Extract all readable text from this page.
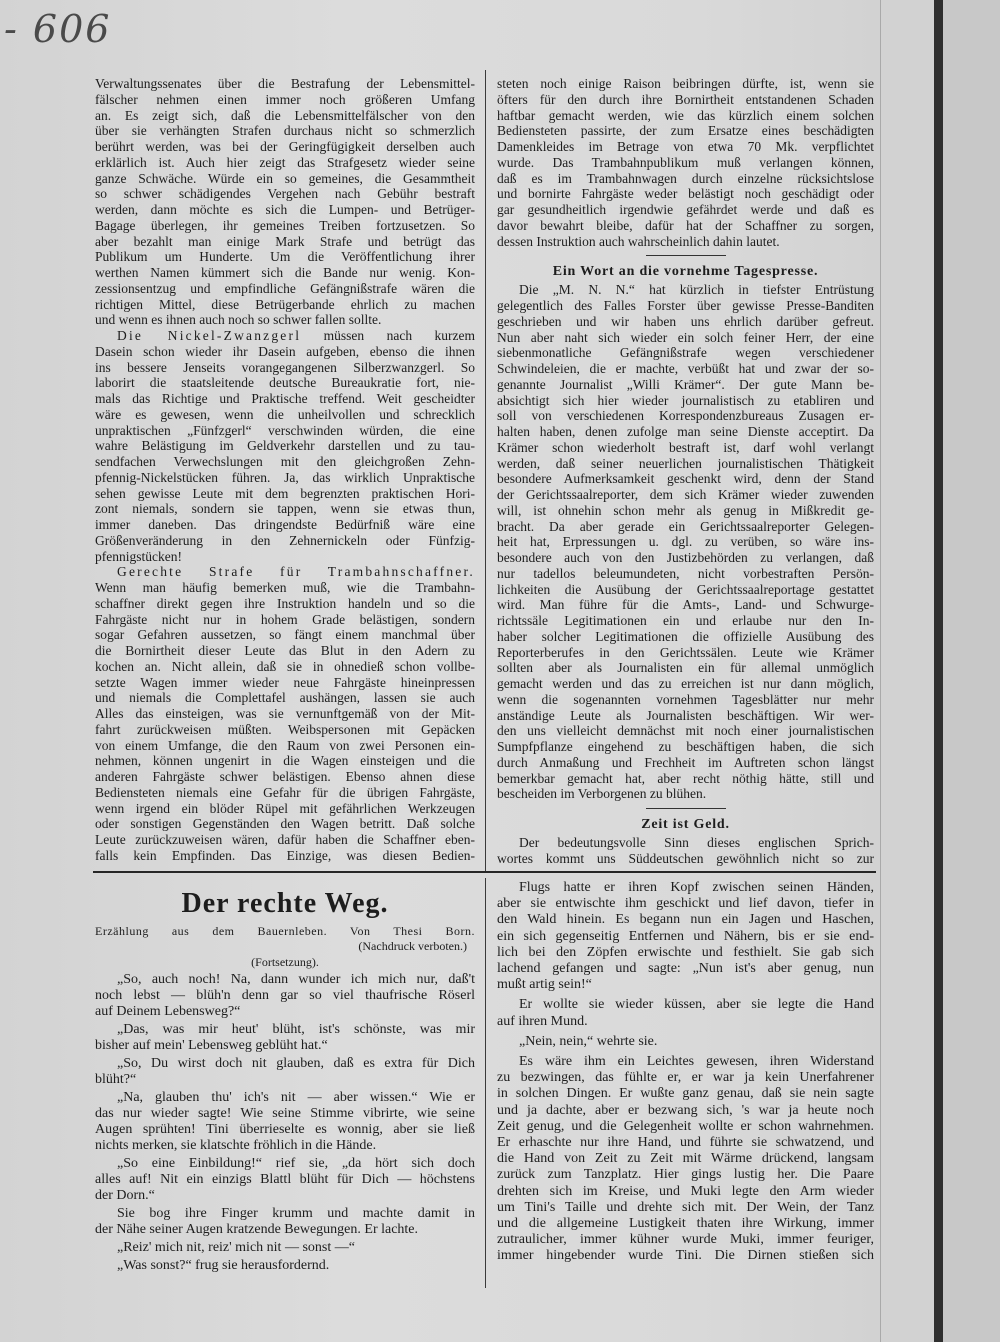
- 606
Verwaltungssenates über die Bestrafung der Lebensmittel-
fälscher nehmen einen immer noch größeren Umfang
an. Es zeigt sich, daß die Lebensmittelfälscher von den
über sie verhängten Strafen durchaus nicht so schmerzlich
berührt werden, was bei der Geringfügigkeit derselben auch
erklärlich ist. Auch hier zeigt das Strafgesetz wieder seine
ganze Schwäche. Würde ein so gemeines, die Gesammtheit
so schwer schädigendes Vergehen nach Gebühr bestraft
werden, dann möchte es sich die Lumpen- und Betrüger-
Bagage überlegen, ihr gemeines Treiben fortzusetzen. So
aber bezahlt man einige Mark Strafe und betrügt das
Publikum um Hunderte. Um die Veröffentlichung ihrer
werthen Namen kümmert sich die Bande nur wenig. Kon-
zessionsentzug und empfindliche Gefängnißstrafe wären die
richtigen Mittel, diese Betrügerbande ehrlich zu machen
und wenn es ihnen auch noch so schwer fallen sollte.
Die Nickel-Zwanzgerl müssen nach kurzem
Dasein schon wieder ihr Dasein aufgeben, ebenso die ihnen
ins bessere Jenseits vorangegangenen Silberzwanzgerl. So
laborirt die staatsleitende deutsche Bureaukratie fort, nie-
mals das Richtige und Praktische treffend. Weit gescheidter
wäre es gewesen, wenn die unheilvollen und schrecklich
unpraktischen „Fünfzgerl“ verschwinden würden, die eine
wahre Belästigung im Geldverkehr darstellen und zu tau-
sendfachen Verwechslungen mit den gleichgroßen Zehn-
pfennig-Nickelstücken führen. Ja, das wirklich Unpraktische
sehen gewisse Leute mit dem begrenzten praktischen Hori-
zont niemals, sondern sie tappen, wenn sie etwas thun,
immer daneben. Das dringendste Bedürfniß wäre eine
Größenveränderung in den Zehnernickeln oder Fünfzig-
pfennigstücken!
Gerechte Strafe für Trambahnschaffner.
Wenn man häufig bemerken muß, wie die Trambahn-
schaffner direkt gegen ihre Instruktion handeln und so die
Fahrgäste nicht nur in hohem Grade belästigen, sondern
sogar Gefahren aussetzen, so fängt einem manchmal über
die Bornirtheit dieser Leute das Blut in den Adern zu
kochen an. Nicht allein, daß sie in ohnedieß schon vollbe-
setzte Wagen immer wieder neue Fahrgäste hineinpressen
und niemals die Complettafel aushängen, lassen sie auch
Alles das einsteigen, was sie vernunftgemäß von der Mit-
fahrt zurückweisen müßten. Weibspersonen mit Gepäcken
von einem Umfange, die den Raum von zwei Personen ein-
nehmen, können ungenirt in die Wagen einsteigen und die
anderen Fahrgäste schwer belästigen. Ebenso ahnen diese
Bediensteten niemals eine Gefahr für die übrigen Fahrgäste,
wenn irgend ein blöder Rüpel mit gefährlichen Werkzeugen
oder sonstigen Gegenständen den Wagen betritt. Daß solche
Leute zurückzuweisen wären, dafür haben die Schaffner eben-
falls kein Empfinden. Das Einzige, was diesen Bedien-
steten noch einige Raison beibringen dürfte, ist, wenn sie
öfters für den durch ihre Bornirtheit entstandenen Schaden
haftbar gemacht werden, wie das kürzlich einem solchen
Bediensteten passirte, der zum Ersatze eines beschädigten
Damenkleides im Betrage von etwa 70 Mk. verpflichtet
wurde. Das Trambahnpublikum muß verlangen können,
daß es im Trambahnwagen durch einzelne rücksichtslose
und bornirte Fahrgäste weder belästigt noch geschädigt oder
gar gesundheitlich irgendwie gefährdet werde und daß es
davor bewahrt bleibe, dafür hat der Schaffner zu sorgen,
dessen Instruktion auch wahrscheinlich dahin lautet.
Ein Wort an die vornehme Tagespresse.
Die „M. N. N.“ hat kürzlich in tiefster Entrüstung
gelegentlich des Falles Forster über gewisse Presse-Banditen
geschrieben und wir haben uns ehrlich darüber gefreut.
Nun aber naht sich wieder ein solch feiner Herr, der eine
siebenmonatliche Gefängnißstrafe wegen verschiedener
Schwindeleien, die er machte, verbüßt hat und zwar der so-
genannte Journalist „Willi Krämer“. Der gute Mann be-
absichtigt sich hier wieder journalistisch zu etabliren und
soll von verschiedenen Korrespondenzbureaus Zusagen er-
halten haben, denen zufolge man seine Dienste acceptirt. Da
Krämer schon wiederholt bestraft ist, darf wohl verlangt
werden, daß seiner neuerlichen journalistischen Thätigkeit
besondere Aufmerksamkeit geschenkt wird, denn der Stand
der Gerichtssaalreporter, dem sich Krämer wieder zuwenden
will, ist ohnehin schon mehr als genug in Mißkredit ge-
bracht. Da aber gerade ein Gerichtssaalreporter Gelegen-
heit hat, Erpressungen u. dgl. zu verüben, so wäre ins-
besondere auch von den Justizbehörden zu verlangen, daß
nur tadellos beleumundeten, nicht vorbestraften Persön-
lichkeiten die Ausübung der Gerichtssaalreportage gestattet
wird. Man führe für die Amts-, Land- und Schwurge-
richtssäle Legitimationen ein und erlaube nur den In-
haber solcher Legitimationen die offizielle Ausübung des
Reporterberufes in den Gerichtssälen. Leute wie Krämer
sollten aber als Journalisten ein für allemal unmöglich
gemacht werden und das zu erreichen ist nur dann möglich,
wenn die sogenannten vornehmen Tagesblätter nur mehr
anständige Leute als Journalisten beschäftigen. Wir wer-
den uns vielleicht demnächst mit noch einer journalistischen
Sumpfpflanze eingehend zu beschäftigen haben, die sich
durch Anmaßung und Frechheit im Auftreten schon längst
bemerkbar gemacht hat, aber recht nöthig hätte, still und
bescheiden im Verborgenen zu blühen.
Zeit ist Geld.
Der bedeutungsvolle Sinn dieses englischen Sprich-
wortes kommt uns Süddeutschen gewöhnlich nicht so zur
Der rechte Weg.
Erzählung aus dem Bauernleben. Von Thesi Born.
(Nachdruck verboten.)
(Fortsetzung).
„So, auch noch! Na, dann wunder ich mich nur, daß't
noch lebst — blüh'n denn gar so viel thaufrische Röserl
auf Deinem Lebensweg?“
„Das, was mir heut' blüht, ist's schönste, was mir
bisher auf mein' Lebensweg geblüht hat.“
„So, Du wirst doch nit glauben, daß es extra für Dich
blüht?“
„Na, glauben thu' ich's nit — aber wissen.“ Wie er
das nur wieder sagte! Wie seine Stimme vibrirte, wie seine
Augen sprühten! Tini überrieselte es wonnig, aber sie ließ
nichts merken, sie klatschte fröhlich in die Hände.
„So eine Einbildung!“ rief sie, „da hört sich doch
alles auf! Nit ein einzigs Blattl blüht für Dich — höchstens
der Dorn.“
Sie bog ihre Finger krumm und machte damit in
der Nähe seiner Augen kratzende Bewegungen. Er lachte.
„Reiz' mich nit, reiz' mich nit — sonst —“
„Was sonst?“ frug sie herausfordernd.
Flugs hatte er ihren Kopf zwischen seinen Händen,
aber sie entwischte ihm geschickt und lief davon, tiefer in
den Wald hinein. Es begann nun ein Jagen und Haschen,
ein sich gegenseitig Entfernen und Nähern, bis er sie end-
lich bei den Zöpfen erwischte und festhielt. Sie gab sich
lachend gefangen und sagte: „Nun ist's aber genug, nun
mußt artig sein!“
Er wollte sie wieder küssen, aber sie legte die Hand
auf ihren Mund.
„Nein, nein,“ wehrte sie.
Es wäre ihm ein Leichtes gewesen, ihren Widerstand
zu bezwingen, das fühlte er, er war ja kein Unerfahrener
in solchen Dingen. Er wußte ganz genau, daß sie nein sagte
und ja dachte, aber er bezwang sich, 's war ja heute noch
Zeit genug, und die Gelegenheit wollte er schon wahrnehmen.
Er erhaschte nur ihre Hand, und führte sie schwatzend, und
die Hand von Zeit zu Zeit mit Wärme drückend, langsam
zurück zum Tanzplatz. Hier gings lustig her. Die Paare
drehten sich im Kreise, und Muki legte den Arm wieder
um Tini's Taille und drehte sich mit. Der Wein, der Tanz
und die allgemeine Lustigkeit thaten ihre Wirkung, immer
zutraulicher, immer kühner wurde Muki, immer feuriger,
immer hingebender wurde Tini. Die Dirnen stießen sich
